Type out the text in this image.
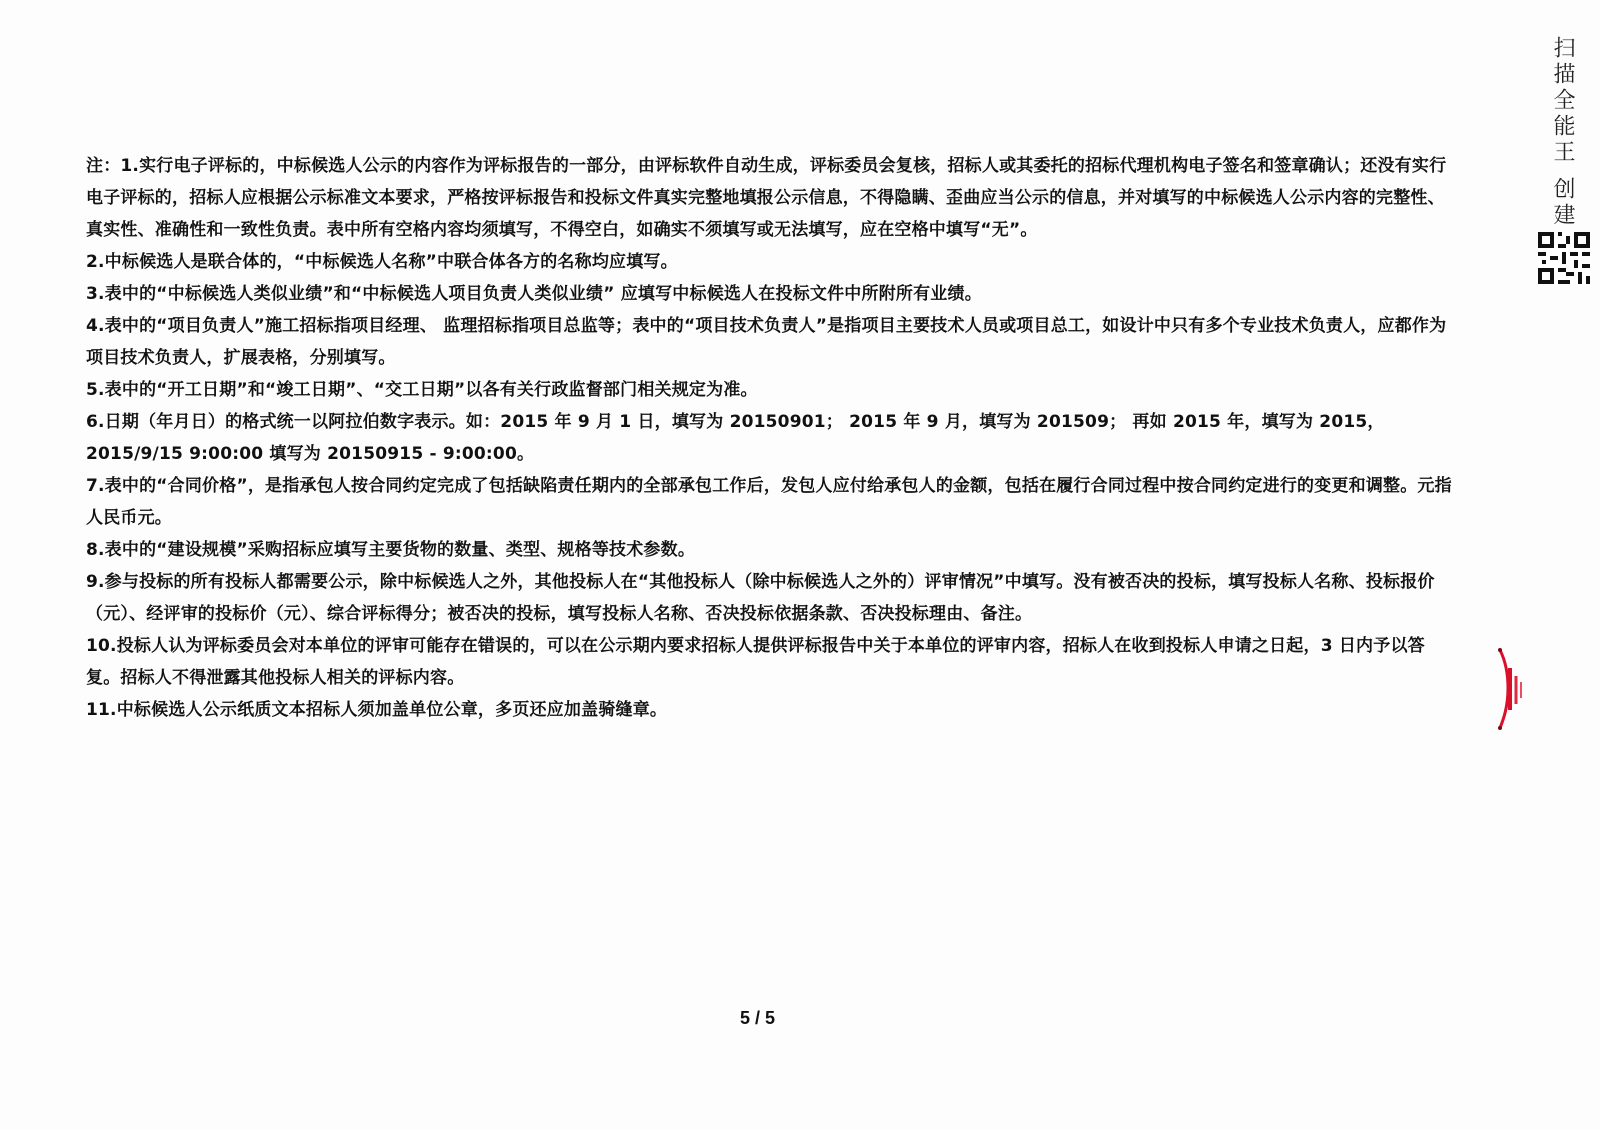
注：1.实行电子评标的，中标候选人公示的内容作为评标报告的一部分，由评标软件自动生成，评标委员会复核，招标人或其委托的招标代理机构电子签名和签章确认；还没有实行电子评标的，招标人应根据公示标准文本要求，严格按评标报告和投标文件真实完整地填报公示信息，不得隐瞒、歪曲应当公示的信息，并对填写的中标候选人公示内容的完整性、真实性、准确性和一致性负责。表中所有空格内容均须填写，不得空白，如确实不须填写或无法填写，应在空格中填写“无”。

2.中标候选人是联合体的，“中标候选人名称”中联合体各方的名称均应填写。

3.表中的“中标候选人类似业绩”和“中标候选人项目负责人类似业绩” 应填写中标候选人在投标文件中所附所有业绩。

4.表中的“项目负责人”施工招标指项目经理、 监理招标指项目总监等；表中的“项目技术负责人”是指项目主要技术人员或项目总工，如设计中只有多个专业技术负责人，应都作为项目技术负责人，扩展表格，分别填写。

5.表中的“开工日期”和“竣工日期”、“交工日期”以各有关行政监督部门相关规定为准。

6.日期（年月日）的格式统一以阿拉伯数字表示。如：2015 年 9 月 1 日，填写为 20150901； 2015 年 9 月，填写为 201509； 再如 2015 年，填写为 2015，2015/9/15 9:00:00 填写为 20150915 - 9:00:00。

7.表中的“合同价格”，是指承包人按合同约定完成了包括缺陷责任期内的全部承包工作后，发包人应付给承包人的金额，包括在履行合同过程中按合同约定进行的变更和调整。元指人民币元。

8.表中的“建设规模”采购招标应填写主要货物的数量、类型、规格等技术参数。

9.参与投标的所有投标人都需要公示，除中标候选人之外，其他投标人在“其他投标人（除中标候选人之外的）评审情况”中填写。没有被否决的投标，填写投标人名称、投标报价（元）、经评审的投标价（元）、综合评标得分；被否决的投标，填写投标人名称、否决投标依据条款、否决投标理由、备注。

10.投标人认为评标委员会对本单位的评审可能存在错误的，可以在公示期内要求招标人提供评标报告中关于本单位的评审内容，招标人在收到投标人申请之日起，3 日内予以答复。招标人不得泄露其他投标人相关的评标内容。

11.中标候选人公示纸质文本招标人须加盖单位公章，多页还应加盖骑缝章。

5 / 5
扫描全能王 创建
